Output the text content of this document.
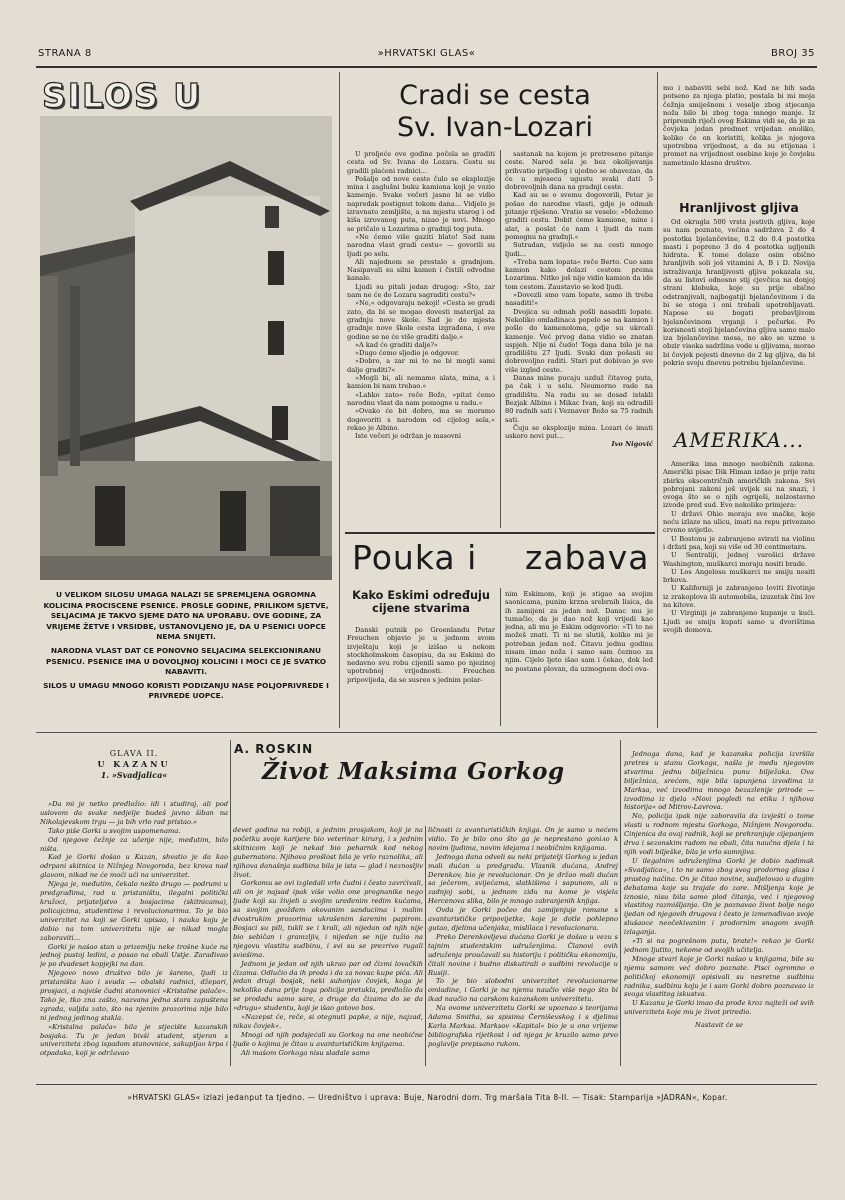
STRANA 8	»HRVATSKI GLAS«	BROJ 35
SILOS U

U VELIKOM SILOSU UMAGA NALAZI SE SPREMLJENA OGROMNA KOLICINA PROCISCENE PSENICE. PROSLE GODINE, PRILIKOM SJETVE, SELJACIMA JE TAKVO SJEME DATO NA UPORABU. OVE GODINE, ZA VRIJEME ŽETVE I VRSIDBE, USTANOVLJENO JE, DA U PSENICI UOPCE NEMA SNIJETI.

NARODNA VLAST DAT CE PONOVNO SELJACIMA SELEKCIONIRANU PSENICU. PSENICE IMA U DOVOLJNOJ KOLICINI I MOCI CE JE SVATKO NABAVITI.

SILOS U UMAGU MNOGO KORISTI PODIZANJU NASE POLJOPRIVREDE I PRIVREDE UOPCE.

Cradi se cesta
Sv. Ivan-Lozari

U proljeće ove godine počela se graditi cesta od Sv. Ivana do Lozara. Cestu su gradili plaćeni radnici...

Pošalje od nove ceste čulo se eksplozije mina i zaglušni buku kamiona koji je vozio kamenje. Svake večeri jasno bi se vidio napredak postignut tokom dana... Vidjelo je izravnato zemljište, a na mjestu starog i od kiša izrovanog puta, nizao je novi. Mnogo se pričalo u Lozarima o gradnji tog puta.

»Ne ćemo više gaziti blato! Sad nam narodna vlast gradi cestu« — govorili su ljudi po selu.

Ali najednom se prestalo s gradnjom. Nasipavali su silni kamen i čistili odvodne kanale.

Ljudi su pitali jedan drugog: »Što, zar nam ne će do Lozara sagraditi cestu?«

»Ne,« odgovaraju nekoji! »Cesta se gradi zato, da bi se mogao dovesti materijal za gradnju nove škole. Sad je do mjesta gradnje nove škole cesta izgrađena, i ove godine se ne će više graditi dalje.«

»A kad će graditi dalje?«

»Dugo ćemo sljedio je odgovor.

»Dobro, a zar mi to ne bi mogli sami dalje graditi?«

»Mogli bi, ali nemamo alata, mina, a i kamion bi nam trebao.«

»Lahko zato« reče Božo, »pitat ćemo narodnu vlast da nam pomogne u radu.«

»Ovako će bit dobro, ma se moramo dogovoriti s narodom od cijelog sela,« rekao je Albino.

Iste večeri je održan je masovni

sastanak na kojem je pretreseno pitanje ceste. Nared sela je bez okolijevanja prihvatio prijedlog i ujedno se obavezao, da će u mjesecu ugustu svaki dati 5 dobrovoljnih dana na gradnji ceste.

Kad su se o svemu dogovorili, Petar je pošao do narodne vlasti, gdje je odmah pitanje riješeno. Vratio se veselo: »Možemo graditi cestu. Dobit ćemo kamione, mine i alat, a poslat će nam i ljudi da nam pomognu na gradnji.«

Sutradan, vidjelo se na cesti mnogo ljudi...

»Treba nam lopata« reče Berto. Cuo sam kamion kako dolazi cestom prema Lozarima. Nitko još nije vidio kamion da ide tom cestom. Zaustavio se kod ljudi.

»Dovezli smo vam lopate, samo ih treba nasaditi!«

Dvojica su odmah pošli nasaditi lopate. Nekoliko omladinaca popelo se na kamion i pošlo do kamenoloma, gdje su ukrcali kamenje. Već prvog dana vidio se znatan uspjeh. Nije ni čudo! Toga dana bilo je na gradilištu 27 ljudi. Svaki dan pošasli su dobrovoljno raditi. Stari put dobivao je sve više izgled ceste.

Danas mine pucaju uzduž čitavog puta, pa čak i u selu. Neumorno rade na gradilištu. Na radu su se dosad istakli Bezjak Albino i Mikac Ivan, koji su odradili 80 radnih sati i Veznaver Božo sa 75 radnih sati.

Čuju se eksplozije mina. Lozari će imati uskoro novi put...

Ivo Nigović

mo i nabaviti sebi nož. Kad ne bih sada potseno za njega platio, postala bi mi moja čežnja smiješnom i veselje zbog stjecanja noža bilo bi zbog toga mnogo manje. Iz pripremih riječi ovog Eskima vidi se, da je za čovjeka jedan predmet vrijedan onoliko, koliko će on koristiti, kolika je njegova upotrebna vrijednost, a da su etijenaa i promet na vrijednost osebine koje je čovjeku nametnulo klasno društvo.

Hranljivost gljiva

Od okrugla 500 vrsta jestivih gljiva, koje su nam poznate, većina sadržava 2 do 4 postotka bjelančevine, 0.2 do 0.4 postotka masti i popreno 3 do 4 postotka ugljenih hidrata. K tome dolaze osim obično hranljivih soli još vitamini A, B i D. Novija istraživanja hranljivosti gljiva pokazala su, da su listovi odnosno stij cjevčica na donjoj strani klobuka, koje su prije obično odstranjivali, najbogatiji bjelančevinom i da bi se stoga i oni trebali upotrebljavati. Napose su bogati probavljivom bjelančevinom vrganji i pečurke. Po korisnosti stoji bjelančevina gljiva samo malo iza bjelančevine mesa, no ako se uzme u obzir visoka sadržina vode u gljivama, morao bi čovjek pojesti dnevno do 2 kg gljiva, da bi pokrio svoju dnevnu potrebu bjelančevine.

AMERIKA...

Amerika ima mnogo neobičnih zakona. Američki pisac Dik Himan izdao je prije ratu zbirku ekscentričnih američkih zakona. Svi pobrojani zakoni još uvijek su na snazi, i ovoga što se o njih ogriješi, nelzostavno izvode pred sud. Evo nekoliko primjera:

U državi Ohio moraju sve mačke, koje noću izlaze na ulicu, imati na repu privezano crveno svijetlo.

U Bostonu je zabranjeno svirati na violinu i držati psa, koji su više od 30 centimetara.

U Sentraliji, jednoj varošici države Washington, muškarci moraju nositi brade.

U Los Angelosu muškarci ne smiju nositi brkova.

U Kaliforniji je zabranjeno loviti životinje iz zrakoplova ili automobila, izuzetak čini lov na kitove.

U Virginiji je zabranjeno kupanje u kući. Ljudi se smiju kupati samo u dvorištima svojih domova.

Pouka i zabava
Kako Eskimi određuju cijene stvarima

Danski putnik po Groenlandu Petar Freuchen objavio je u jednom svom izvještaju koji je izišao u nekom stockholmskom časopisu, da su Eskimi do nedavno svu robu cijenili samo po njezinoj upotrebnoj vrijednosti. Freuchen pripovijeda, da se susreo s jednim polar-

nim Eskimom, koji je stigao sa svojim saonicama, punim krzna srebrnih lisica, da ih zamijeni za jedan nož. Danac mu je tumačio, da je dao nož koji vrijedi kao jedna, ali mu je Eskim odgovorio: »Ti to ne možeš znati. Ti ni ne slutiš, koliko mi je potreban jedan nož. Čitavu jednu godinu nisam imao noža i samo sam čeznuo za njim. Cijelo ljeto išao sam i čekao, dok led ne postane plovan, da uzmognem doći ova-

GLAVA II.
U KAZANU
1. »Svadjalica«
A. ROSKIN
Život Maksima Gorkog

»Da mi je netko predložio: idi i studiraj, ali pod uslovom da svake nedjelje budeš javno šiban na Nikolajevskom trgu — ja bih vrlo rad pristao.«

Tako piše Gorki u svojim uspomenama.

Od njegove čežnje za učenje nije, međutim, bilo ništa.

Kad je Gorki došao u Kazan, shvatio je da kao odrpani skitnica iz Nižnjeg Novgoroda, bez krova nad glavom, nikad ne će moći ući na univerzitet.

Njega je, međutim, čekalo nešto drugo — podrumi u predgrađima, rad u pristaništu, ilegalni politički kružoci, prijateljstvo s bosjacima (skitnicama), policajcima, studentima i revolucionarima. To je bio univerzitet na koji se Gorki upisao, i nauka koju je dobio na tom univerzitetu nije se nikad mogla zaboraviti...

Gorki je našao stan u prizemlju neke trošne kuće na jednoj pustoj ledini, a posao na obali Ustje. Zarađivao je po dvadeset kopjejki na dan.

Njegovo novo društvo bilo je šareno, ljudi iz pristaništa kao i svuda — obalski radnici, džepari, prosjaci, a najviše čudni stanovnici »Kristalne palače«. Tako je, tko zna zašto, nazvana jedna stara zapuštena zgrada, valjda zato, što na njenim prozorima nije bilo ni jednog jedinog stakla.

»Kristalna palača« bila je stjecište kazanskih bosjaka. Tu je jedan bivši student, stjeran s univerziteta zbog ispadom stanovnice, sakupljao krpa i otpadaka, koji je održavao

devet godina na robiji, s jednim prosjakom, koji je na početku svoje karijere bio veterinar kirurg, i s jednim skitnicom koji je nekad bio peharnik kod nekog gubernatora. Njihova prošlost bila je vrlo raznolika, ali njihova današnja sudbina bila je ista — glad i neznosljiv život.

Gorkomu se ovi izgledali vrlo čudni i često zavrćivali, ali on je najsad ipak više volio one prognanike nego ljude koji su živjeli u svojim uređenim redim kućama, sa svojim gvožđem okovanim sanducima i malim dvostrukim prozorima ukrašenim šarenim papirom. Bosjaci su pili, tukli se i krali, ali nijedan od njih nije bio sebičan i gramzljiv, i nijedan se nije tužio na njegovu vlastitu sudbinu, i svi su se prezrivo rugali sviešima.

Jednom je jedan od njih ukrao par od čizmi lovačkih čizama. Odlučio da ih proda i da za novac kupe pića. Ali jedan drugi bosjak, neki suhonjav čovjek, koga je nekoliko dana prije toga policija pretukla, predložio da se prodadu samo sare, a druge da čizama do se da »drugu« studentu, koji je išao gotovo bos.

»Nazepst će, reče, si otegnuti papke, a nije, najzad, nikav čovjek«.

Mnogi od njih podsjećali su Gorkog na one neobične ljude o kojima je čitao u avanturističkim knjigama.

Ali mašom Gorkoga nisu sladale samo

ličnosti iz avanturističkih knjiga. On je samo u nećem vidio. To je bilo ono što ga je neprestano goniло k novim ljudima, novim idejama i neobičnim knjigama.

Jednoga dana odveli su neki prijatelji Gorkog u jedan mali dućan u predgrađu. Vlasnik dućana, Andrej Derenkov, bio je revolucionar. On je držao mali dućan sa ječerom, svijećama, slatkišima i sapunom, ali u zadnjoj sobi, u jednom zidu na kome je visjela Hercenova slika, bilo je mnogo zabranjenih knjiga.

Ovda je Gorki počeo da zamijenjuje romane s avanturističke pripovijetke, koje je dotle pohlepno gutao, djelima učenjaka, mislilaca i revolucionara.

Preko Derenkovljeva dućana Gorki je došao u vezu s tajnim studentskim udruženjima. Članovi ovih udruženja proučavali su historiju i političku ekonomiju, čitali novine i budno diskutirali o sudbini revolucije u Rusiji.

To je bio slobodni univerzitet revolucionarne omladine, i Gorki je na njemu naučio više nego što bi ikad naučio na carskom kazanskom univerzitetu.

Na ovome univerzitetu Gorki se upoznao s teorijama Adama Smitha, sa spisima Černiševskog i s djelima Karla Marksa. Marksov »Kapital« bio je u ono vrijeme bibliografska rijetkost i od njega je kruzilo samo prvo poglavlje prepisano rukom.

Jednoga dana, kad je kazanska policija izvršila pretres u stanu Gorkoga, našla je među njegovim stvarima jednu bilježnicu punu bilježaka. Ova bilježnica, srećom, nije bila ispunjena izvodima iz Marksa, već izvodima mnogo bezazlenije prirode — izvodima iz djela »Novi pogledi na etiku i njihova historija« od Mitrov-Lavrova.

No, policija ipak nije zaboravila da izvještí o tome vlasti u rodnom mjestu Gorkoga, Nižnjem Novgorodu. Cinjenica da ovaj radnik, koji se prehranjuje cijepanjem drva i sezonskim radom na obali, čita naučna djela i ta njih vodi bilješke, bila je vrlo sumnjiva.

U ilegalnim udruženjima Gorki je dobio nadimak »Svadjalica«, i to ne samo zbog svog prodornog glasa i prastog načina. On je čitao novine, sudjelovao u dugim debatama koje su trajale do zore. Mišljenja koje je iznosio, nisu bila samo plod čitanja, već i njegovog vlastitog razmišljanja. On je poznavao život bolje nego ijedan od njegovih drugova i često je izmenađivao svoje slušaoce neočekivanim i prodornim snagom svojih izlaganja.

»Ti si na pogrešnom putu, brate!« rekao je Gorki jednom ljutito, nekome od svojih učitelja.

Mnoge stvari koje je Gorki našao u knjigama, bile su njemu samom već dobro poznate. Pisci ogromno o političkoj ekonomiji opisivali su nesretne sudbinu radnika, sudbinu koju je i sam Gorki dobro poznavao iz svoga vlastitog iskustva.

U Kazanu je Gorki imao da prođe kroz najteži od svih univerziteta koje mu je život priredio.

Nastavit će se

»HRVATSKI GLAS« izlazi jedanput ta tjedno. — Uredništvo i uprava: Buje, Narodni dom. Trg maršala Tita 8-II. — Tisak: Stamparija »JADRAN«, Kopar.
